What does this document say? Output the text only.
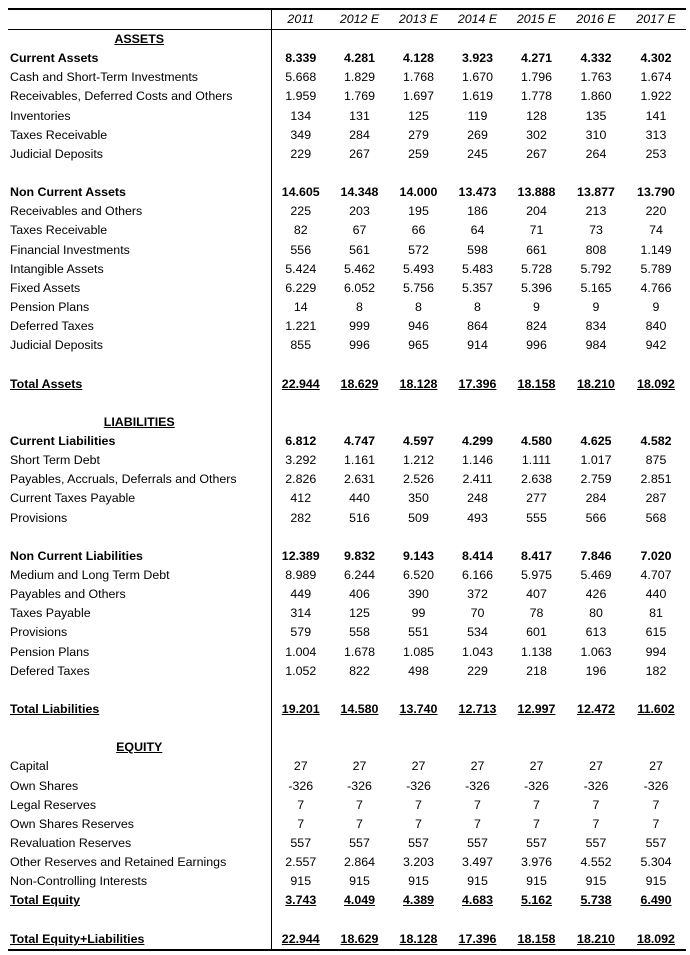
	2011	2012 E	2013 E	2014 E	2015 E	2016 E	2017 E
ASSETS							
Current Assets	8.339	4.281	4.128	3.923	4.271	4.332	4.302
Cash and Short-Term Investments	5.668	1.829	1.768	1.670	1.796	1.763	1.674
Receivables, Deferred Costs and Others	1.959	1.769	1.697	1.619	1.778	1.860	1.922
Inventories	134	131	125	119	128	135	141
Taxes Receivable	349	284	279	269	302	310	313
Judicial Deposits	229	267	259	245	267	264	253

Non Current Assets	14.605	14.348	14.000	13.473	13.888	13.877	13.790
Receivables and Others	225	203	195	186	204	213	220
Taxes Receivable	82	67	66	64	71	73	74
Financial Investments	556	561	572	598	661	808	1.149
Intangible Assets	5.424	5.462	5.493	5.483	5.728	5.792	5.789
Fixed Assets	6.229	6.052	5.756	5.357	5.396	5.165	4.766
Pension Plans	14	8	8	8	9	9	9
Deferred Taxes	1.221	999	946	864	824	834	840
Judicial Deposits	855	996	965	914	996	984	942

Total Assets	22.944	18.629	18.128	17.396	18.158	18.210	18.092

LIABILITIES							
Current Liabilities	6.812	4.747	4.597	4.299	4.580	4.625	4.582
Short Term Debt	3.292	1.161	1.212	1.146	1.111	1.017	875
Payables, Accruals, Deferrals and Others	2.826	2.631	2.526	2.411	2.638	2.759	2.851
Current Taxes Payable	412	440	350	248	277	284	287
Provisions	282	516	509	493	555	566	568

Non Current Liabilities	12.389	9.832	9.143	8.414	8.417	7.846	7.020
Medium and Long Term Debt	8.989	6.244	6.520	6.166	5.975	5.469	4.707
Payables and Others	449	406	390	372	407	426	440
Taxes Payable	314	125	99	70	78	80	81
Provisions	579	558	551	534	601	613	615
Pension Plans	1.004	1.678	1.085	1.043	1.138	1.063	994
Defered Taxes	1.052	822	498	229	218	196	182

Total Liabilities	19.201	14.580	13.740	12.713	12.997	12.472	11.602

EQUITY							
Capital	27	27	27	27	27	27	27
Own Shares	-326	-326	-326	-326	-326	-326	-326
Legal Reserves	7	7	7	7	7	7	7
Own Shares Reserves	7	7	7	7	7	7	7
Revaluation Reserves	557	557	557	557	557	557	557
Other Reserves and Retained Earnings	2.557	2.864	3.203	3.497	3.976	4.552	5.304
Non-Controlling Interests	915	915	915	915	915	915	915
Total Equity	3.743	4.049	4.389	4.683	5.162	5.738	6.490

Total Equity+Liabilities	22.944	18.629	18.128	17.396	18.158	18.210	18.092
